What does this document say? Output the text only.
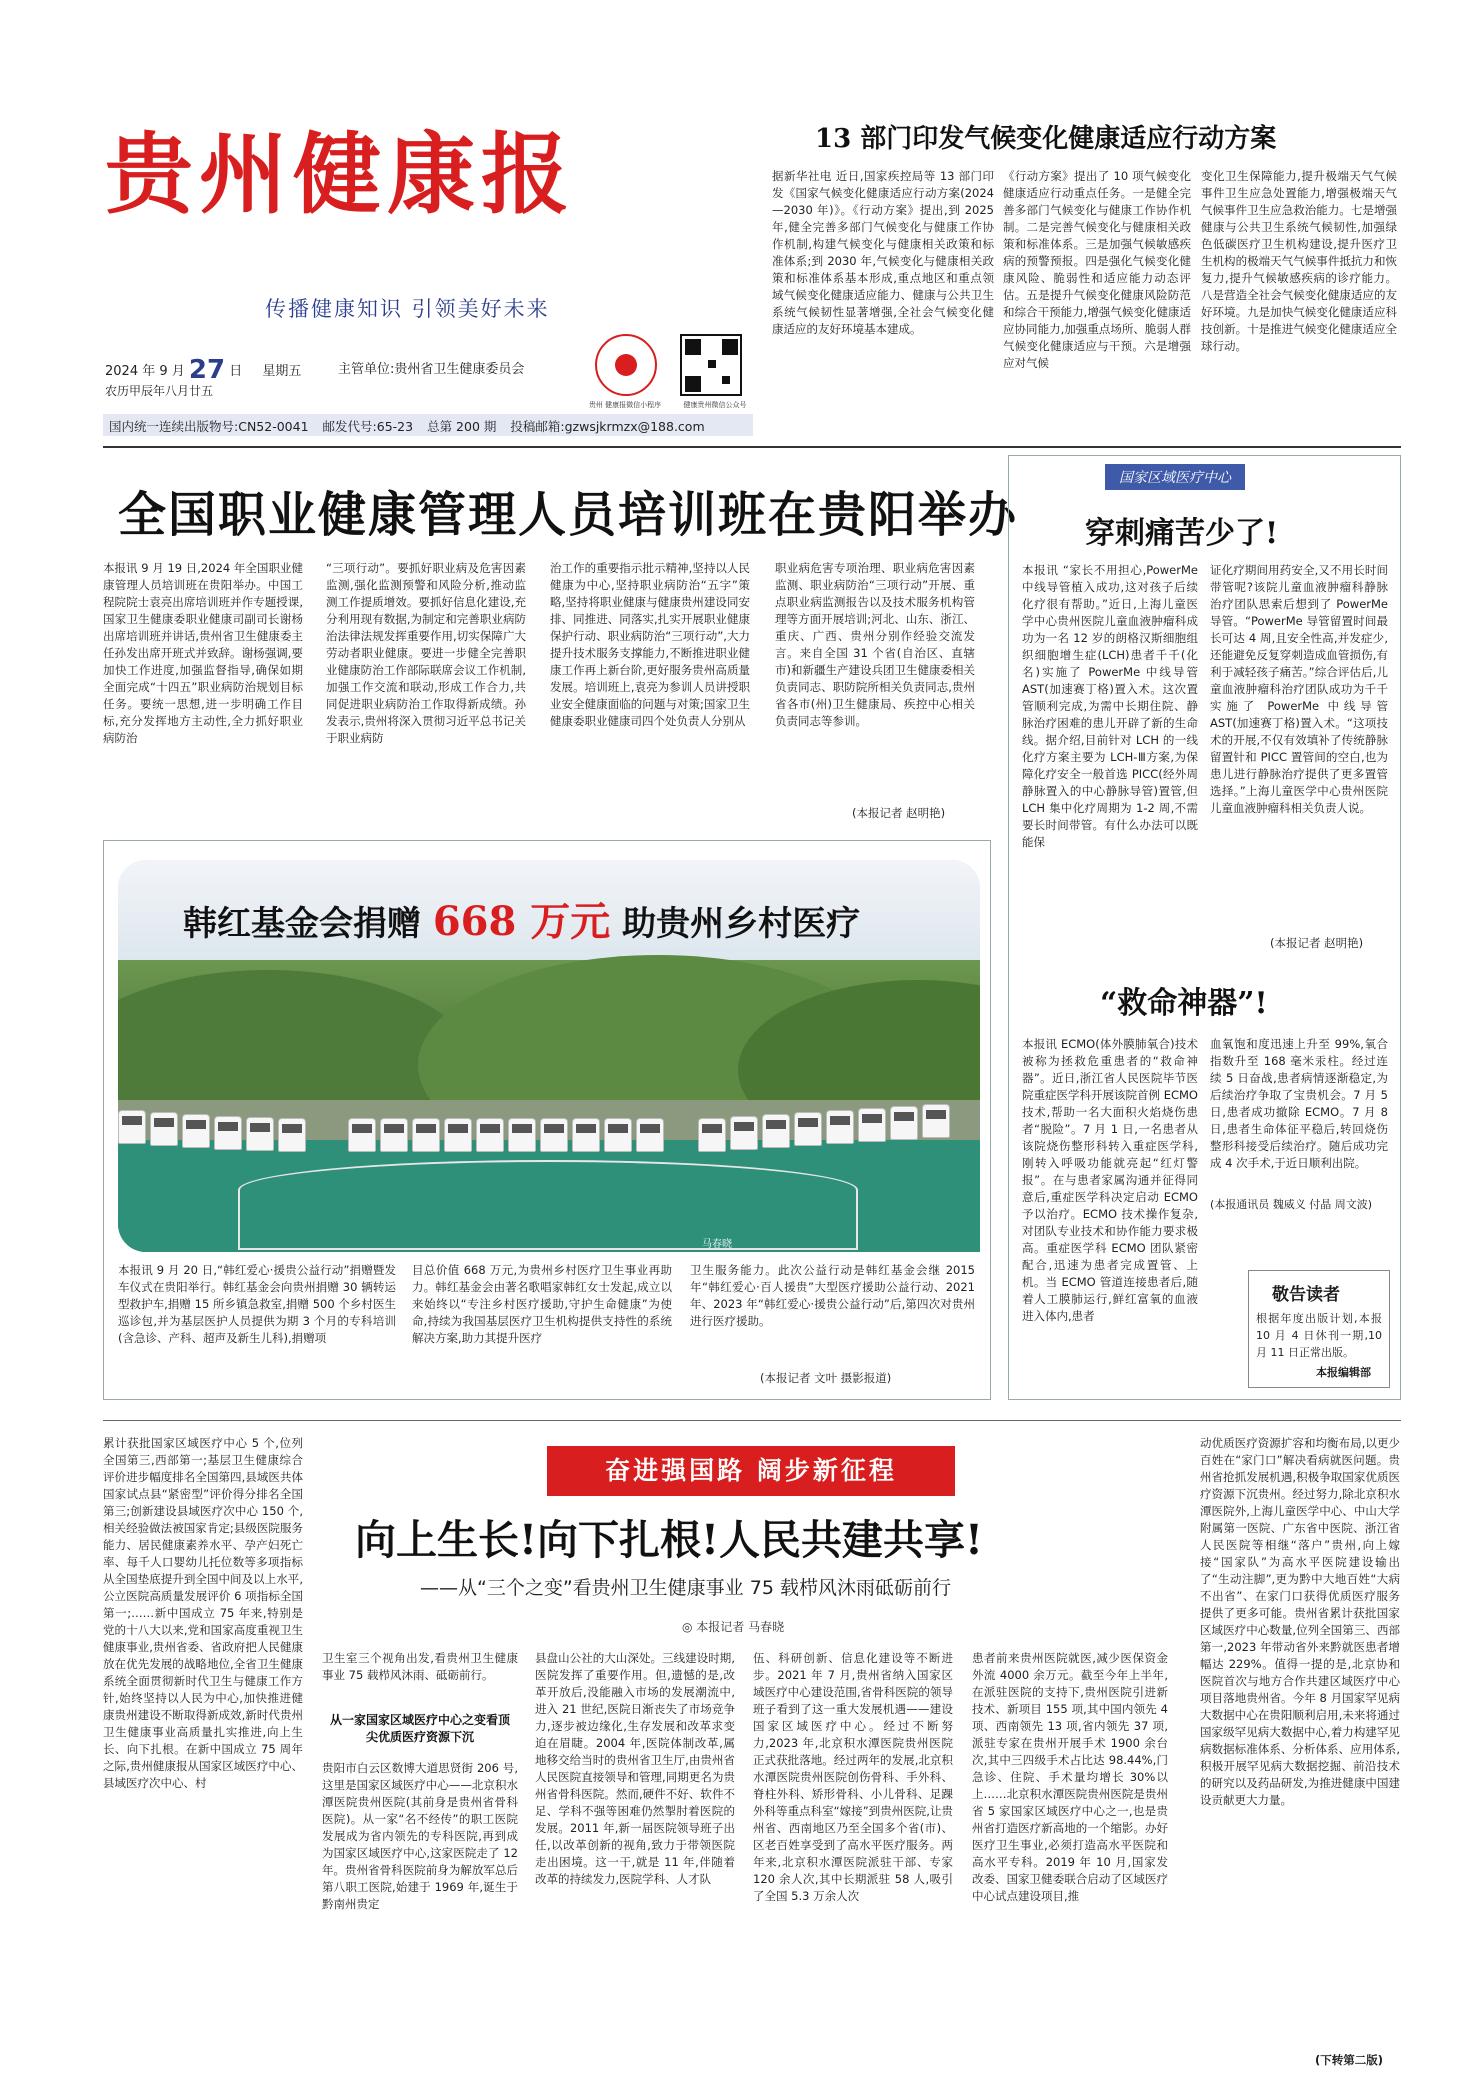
贵州健康报
传播健康知识 引领美好未来
2024 年 9 月 27 日 星期五
农历甲辰年八月廿五
主管单位:贵州省卫生健康委员会
贵州 健康报微信小程序	健康贵州微信公众号
国内统一连续出版物号:CN52-0041 邮发代号:65-23 总第 200 期 投稿邮箱:gzwsjkrmzx@188.com
13 部门印发气候变化健康适应行动方案
据新华社电 近日,国家疾控局等 13 部门印发《国家气候变化健康适应行动方案(2024—2030 年)》。《行动方案》提出,到 2025 年,健全完善多部门气候变化与健康工作协作机制,构建气候变化与健康相关政策和标准体系;到 2030 年,气候变化与健康相关政策和标准体系基本形成,重点地区和重点领域气候变化健康适应能力、健康与公共卫生系统气候韧性显著增强,全社会气候变化健康适应的友好环境基本建成。
《行动方案》提出了 10 项气候变化健康适应行动重点任务。一是健全完善多部门气候变化与健康工作协作机制。二是完善气候变化与健康相关政策和标准体系。三是加强气候敏感疾病的预警预报。四是强化气候变化健康风险、脆弱性和适应能力动态评估。五是提升气候变化健康风险防范和综合干预能力,增强气候变化健康适应协同能力,加强重点场所、脆弱人群气候变化健康适应与干预。六是增强应对气候
变化卫生保障能力,提升极端天气气候事件卫生应急处置能力,增强极端天气气候事件卫生应急救治能力。七是增强健康与公共卫生系统气候韧性,加强绿色低碳医疗卫生机构建设,提升医疗卫生机构的极端天气气候事件抵抗力和恢复力,提升气候敏感疾病的诊疗能力。八是营造全社会气候变化健康适应的友好环境。九是加快气候变化健康适应科技创新。十是推进气候变化健康适应全球行动。
全国职业健康管理人员培训班在贵阳举办
本报讯 9 月 19 日,2024 年全国职业健康管理人员培训班在贵阳举办。中国工程院院士袁亮出席培训班并作专题授课,国家卫生健康委职业健康司副司长谢杨出席培训班并讲话,贵州省卫生健康委主任孙发出席开班式并致辞。谢杨强调,要加快工作进度,加强监督指导,确保如期全面完成“十四五”职业病防治规划目标任务。要统一思想,进一步明确工作目标,充分发挥地方主动性,全力抓好职业病防治
“三项行动”。要抓好职业病及危害因素监测,强化监测预警和风险分析,推动监测工作提质增效。要抓好信息化建设,充分利用现有数据,为制定和完善职业病防治法律法规发挥重要作用,切实保障广大劳动者职业健康。要进一步健全完善职业健康防治工作部际联席会议工作机制,加强工作交流和联动,形成工作合力,共同促进职业病防治工作取得新成绩。孙发表示,贵州将深入贯彻习近平总书记关于职业病防
治工作的重要指示批示精神,坚持以人民健康为中心,坚持职业病防治“五字”策略,坚持将职业健康与健康贵州建设同安排、同推进、同落实,扎实开展职业健康保护行动、职业病防治“三项行动”,大力提升技术服务支撑能力,不断推进职业健康工作再上新台阶,更好服务贵州高质量发展。培训班上,袁亮为参训人员讲授职业安全健康面临的问题与对策;国家卫生健康委职业健康司四个处负责人分别从
职业病危害专项治理、职业病危害因素监测、职业病防治“三项行动”开展、重点职业病监测报告以及技术服务机构管理等方面开展培训;河北、山东、浙江、重庆、广西、贵州分别作经验交流发言。来自全国 31 个省(自治区、直辖市)和新疆生产建设兵团卫生健康委相关负责同志、职防院所相关负责同志,贵州省各市(州)卫生健康局、疾控中心相关负责同志等参训。
(本报记者 赵明艳)
韩红基金会捐赠 668 万元 助贵州乡村医疗
马春晓
本报讯 9 月 20 日,“韩红爱心·援贵公益行动”捐赠暨发车仪式在贵阳举行。韩红基金会向贵州捐赠 30 辆转运型救护车,捐赠 15 所乡镇急救室,捐赠 500 个乡村医生巡诊包,并为基层医护人员提供为期 3 个月的专科培训(含急诊、产科、超声及新生儿科),捐赠项
目总价值 668 万元,为贵州乡村医疗卫生事业再助力。韩红基金会由著名歌唱家韩红女士发起,成立以来始终以“专注乡村医疗援助,守护生命健康”为使命,持续为我国基层医疗卫生机构提供支持性的系统解决方案,助力其提升医疗
卫生服务能力。此次公益行动是韩红基金会继 2015 年“韩红爱心·百人援贵”大型医疗援助公益行动、2021 年、2023 年“韩红爱心·援贵公益行动”后,第四次对贵州进行医疗援助。
(本报记者 文叶 摄影报道)
国家区域医疗中心
穿刺痛苦少了!
本报讯 “家长不用担心,PowerMe 中线导管植入成功,这对孩子后续化疗很有帮助。”近日,上海儿童医学中心贵州医院儿童血液肿瘤科成功为一名 12 岁的朗格汉斯细胞组织细胞增生症(LCH)患者千千(化名)实施了 PowerMe 中线导管 AST(加速赛丁格)置入术。这次置管顺利完成,为需中长期住院、静脉治疗困难的患儿开辟了新的生命线。据介绍,目前针对 LCH 的一线化疗方案主要为 LCH-Ⅲ方案,为保障化疗安全一般首选 PICC(经外周静脉置入的中心静脉导管)置管,但 LCH 集中化疗周期为 1-2 周,不需要长时间带管。有什么办法可以既能保
证化疗期间用药安全,又不用长时间带管呢?该院儿童血液肿瘤科静脉治疗团队思索后想到了 PowerMe 导管。“PowerMe 导管留置时间最长可达 4 周,且安全性高,并发症少,还能避免反复穿刺造成血管损伤,有利于减轻孩子痛苦。”综合评估后,儿童血液肿瘤科治疗团队成功为千千实施了 PowerMe 中线导管 AST(加速赛丁格)置入术。“这项技术的开展,不仅有效填补了传统静脉留置针和 PICC 置管间的空白,也为患儿进行静脉治疗提供了更多置管选择。”上海儿童医学中心贵州医院儿童血液肿瘤科相关负责人说。
(本报记者 赵明艳)
“救命神器”!
本报讯 ECMO(体外膜肺氧合)技术被称为拯救危重患者的“救命神器”。近日,浙江省人民医院毕节医院重症医学科开展该院首例 ECMO 技术,帮助一名大面积火焰烧伤患者“脱险”。7 月 1 日,一名患者从该院烧伤整形科转入重症医学科,刚转入呼吸功能就亮起“红灯警报”。在与患者家属沟通并征得同意后,重症医学科决定启动 ECMO 予以治疗。ECMO 技术操作复杂,对团队专业技术和协作能力要求极高。重症医学科 ECMO 团队紧密配合,迅速为患者完成置管、上机。当 ECMO 管道连接患者后,随着人工膜肺运行,鲜红富氧的血液进入体内,患者
血氧饱和度迅速上升至 99%,氧合指数升至 168 毫米汞柱。经过连续 5 日奋战,患者病情逐渐稳定,为后续治疗争取了宝贵机会。7 月 5 日,患者成功撤除 ECMO。7 月 8 日,患者生命体征平稳后,转回烧伤整形科接受后续治疗。随后成功完成 4 次手术,于近日顺利出院。
(本报通讯员 魏威义 付晶 周文波)
敬告读者
根据年度出版计划,本报 10 月 4 日休刊一期,10 月 11 日正常出版。
本报编辑部
累计获批国家区域医疗中心 5 个,位列全国第三,西部第一;基层卫生健康综合评价进步幅度排名全国第四,县域医共体国家试点县“紧密型”评价得分排名全国第三;创新建设县域医疗次中心 150 个,相关经验做法被国家肯定;县级医院服务能力、居民健康素养水平、孕产妇死亡率、每千人口婴幼儿托位数等多项指标从全国垫底提升到全国中间及以上水平,公立医院高质量发展评价 6 项指标全国第一;……新中国成立 75 年来,特别是党的十八大以来,党和国家高度重视卫生健康事业,贵州省委、省政府把人民健康放在优先发展的战略地位,全省卫生健康系统全面贯彻新时代卫生与健康工作方针,始终坚持以人民为中心,加快推进健康贵州建设不断取得新成效,新时代贵州卫生健康事业高质量扎实推进,向上生长、向下扎根。在新中国成立 75 周年之际,贵州健康报从国家区域医疗中心、县域医疗次中心、村
奋进强国路 阔步新征程
向上生长!向下扎根!人民共建共享!
——从“三个之变”看贵州卫生健康事业 75 载栉风沐雨砥砺前行
◎ 本报记者 马春晓
卫生室三个视角出发,看贵州卫生健康事业 75 载栉风沐雨、砥砺前行。
从一家国家区域医疗中心之变看顶尖优质医疗资源下沉
贵阳市白云区数博大道思贤街 206 号,这里是国家区域医疗中心——北京积水潭医院贵州医院(其前身是贵州省骨科医院)。从一家“名不经传”的职工医院发展成为省内领先的专科医院,再到成为国家区域医疗中心,这家医院走了 12 年。贵州省骨科医院前身为解放军总后第八职工医院,始建于 1969 年,诞生于黔南州贵定
县盘山公社的大山深处。三线建设时期,医院发挥了重要作用。但,遗憾的是,改革开放后,没能融入市场的发展潮流中,进入 21 世纪,医院日渐丧失了市场竞争力,逐步被边缘化,生存发展和改革求变迫在眉睫。2004 年,医院体制改革,属地移交给当时的贵州省卫生厅,由贵州省人民医院直接领导和管理,同期更名为贵州省骨科医院。然而,硬件不好、软件不足、学科不强等困难仍然掣肘着医院的发展。2011 年,新一届医院领导班子出任,以改革创新的视角,致力于带领医院走出困境。这一干,就是 11 年,伴随着改革的持续发力,医院学科、人才队
伍、科研创新、信息化建设等不断进步。2021 年 7 月,贵州省纳入国家区域医疗中心建设范围,省骨科医院的领导班子看到了这一重大发展机遇——建设国家区域医疗中心。经过不断努力,2023 年,北京积水潭医院贵州医院正式获批落地。经过两年的发展,北京积水潭医院贵州医院创伤骨科、手外科、脊柱外科、矫形骨科、小儿骨科、足踝外科等重点科室“嫁接”到贵州医院,让贵州省、西南地区乃至全国多个省(市)、区老百姓享受到了高水平医疗服务。两年来,北京积水潭医院派驻干部、专家 120 余人次,其中长期派驻 58 人,吸引了全国 5.3 万余人次
患者前来贵州医院就医,减少医保资金外流 4000 余万元。截至今年上半年,在派驻医院的支持下,贵州医院引进新技术、新项目 155 项,其中国内领先 4 项、西南领先 13 项,省内领先 37 项,派驻专家在贵州开展手术 1900 余台次,其中三四级手术占比达 98.44%,门急诊、住院、手术量均增长 30%以上……北京积水潭医院贵州医院是贵州省 5 家国家区域医疗中心之一,也是贵州省打造医疗新高地的一个缩影。办好医疗卫生事业,必须打造高水平医院和高水平专科。2019 年 10 月,国家发改委、国家卫健委联合启动了区域医疗中心试点建设项目,推
动优质医疗资源扩容和均衡布局,以更少百姓在“家门口”解决看病就医问题。贵州省抢抓发展机遇,积极争取国家优质医疗资源下沉贵州。经过努力,除北京积水潭医院外,上海儿童医学中心、中山大学附属第一医院、广东省中医院、浙江省人民医院等相继“落户”贵州,向上嫁接“国家队”为高水平医院建设输出了“生动注脚”,更为黔中大地百姓“大病不出省”、在家门口获得优质医疗服务提供了更多可能。贵州省累计获批国家区域医疗中心数量,位列全国第三、西部第一,2023 年带动省外来黔就医患者增幅达 229%。值得一提的是,北京协和医院首次与地方合作共建区域医疗中心项目落地贵州省。今年 8 月国家罕见病大数据中心在贵阳顺利启用,未来将通过国家级罕见病大数据中心,着力构建罕见病数据标准体系、分析体系、应用体系,积极开展罕见病大数据挖掘、前沿技术的研究以及药品研发,为推进健康中国建设贡献更大力量。
(下转第二版)
